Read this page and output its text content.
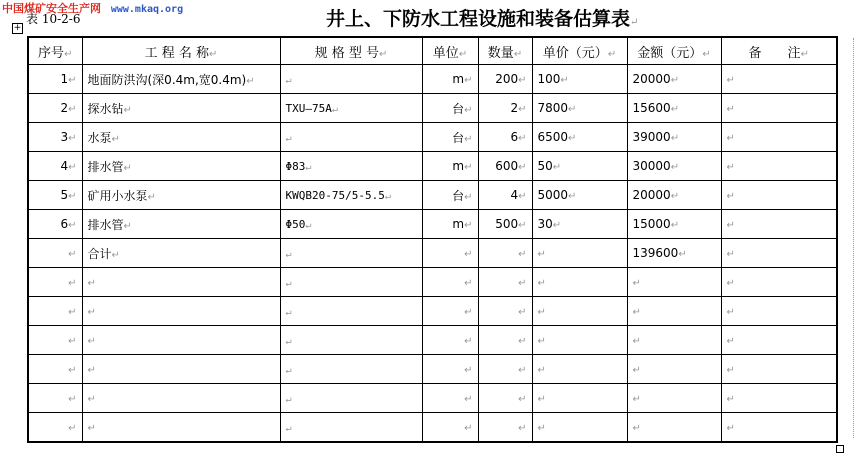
中国煤矿安全生产网 www.mkaq.org
表 10-2-6
+	井上、下防水工程设施和装备估算表↵
序号↵	工 程 名 称↵	规 格 型 号↵	单位↵	数量↵	单价（元）↵	金额（元）↵	备　　注↵
1↵	地面防洪沟(深0.4m,宽0.4m)↵	↵	m↵	200↵	100↵	20000↵	↵
2↵	探水钻↵	TXU—75A↵	台↵	2↵	7800↵	15600↵	↵
3↵	水泵↵	↵	台↵	6↵	6500↵	39000↵	↵
4↵	排水管↵	Φ83↵	m↵	600↵	50↵	30000↵	↵
5↵	矿用小水泵↵	KWQB20-75/5-5.5↵	台↵	4↵	5000↵	20000↵	↵
6↵	排水管↵	Φ50↵	m↵	500↵	30↵	15000↵	↵
↵	合计↵	↵	↵	↵	↵	139600↵	↵
↵	↵	↵	↵	↵	↵	↵	↵
↵	↵	↵	↵	↵	↵	↵	↵
↵	↵	↵	↵	↵	↵	↵	↵
↵	↵	↵	↵	↵	↵	↵	↵
↵	↵	↵	↵	↵	↵	↵	↵
↵	↵	↵	↵	↵	↵	↵	↵
